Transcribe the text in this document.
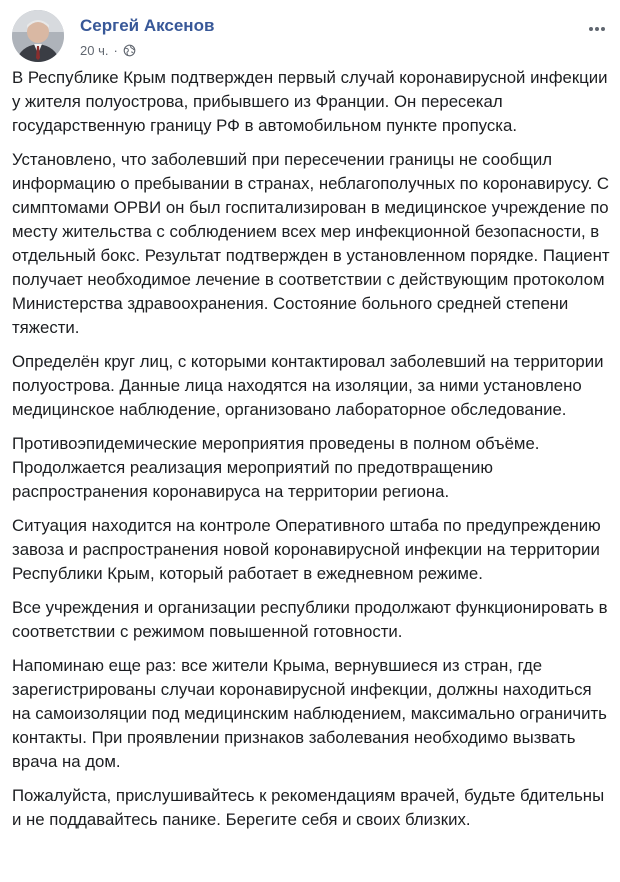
Сергей Аксенов
20 ч. ·

В Республике Крым подтвержден первый случай коронавирусной инфекции у жителя полуострова, прибывшего из Франции. Он пересекал государственную границу РФ в автомобильном пункте пропуска.

Установлено, что заболевший при пересечении границы не сообщил информацию о пребывании в странах, неблагополучных по коронавирусу. С симптомами ОРВИ он был госпитализирован в медицинское учреждение по месту жительства с соблюдением всех мер инфекционной безопасности, в отдельный бокс. Результат подтвержден в установленном порядке. Пациент получает необходимое лечение в соответствии с действующим протоколом Министерства здравоохранения. Состояние больного средней степени тяжести.

Определён круг лиц, с которыми контактировал заболевший на территории полуострова. Данные лица находятся на изоляции, за ними установлено медицинское наблюдение, организовано лабораторное обследование.

Противоэпидемические мероприятия проведены в полном объёме. Продолжается реализация мероприятий по предотвращению распространения коронавируса на территории региона.

Ситуация находится на контроле Оперативного штаба по предупреждению завоза и распространения новой коронавирусной инфекции на территории Республики Крым, который работает в ежедневном режиме.

Все учреждения и организации республики продолжают функционировать в соответствии с режимом повышенной готовности.

Напоминаю еще раз: все жители Крыма, вернувшиеся из стран, где зарегистрированы случаи коронавирусной инфекции, должны находиться на самоизоляции под медицинским наблюдением, максимально ограничить контакты. При проявлении признаков заболевания необходимо вызвать врача на дом.

Пожалуйста, прислушивайтесь к рекомендациям врачей, будьте бдительны и не поддавайтесь панике. Берегите себя и своих близких.
